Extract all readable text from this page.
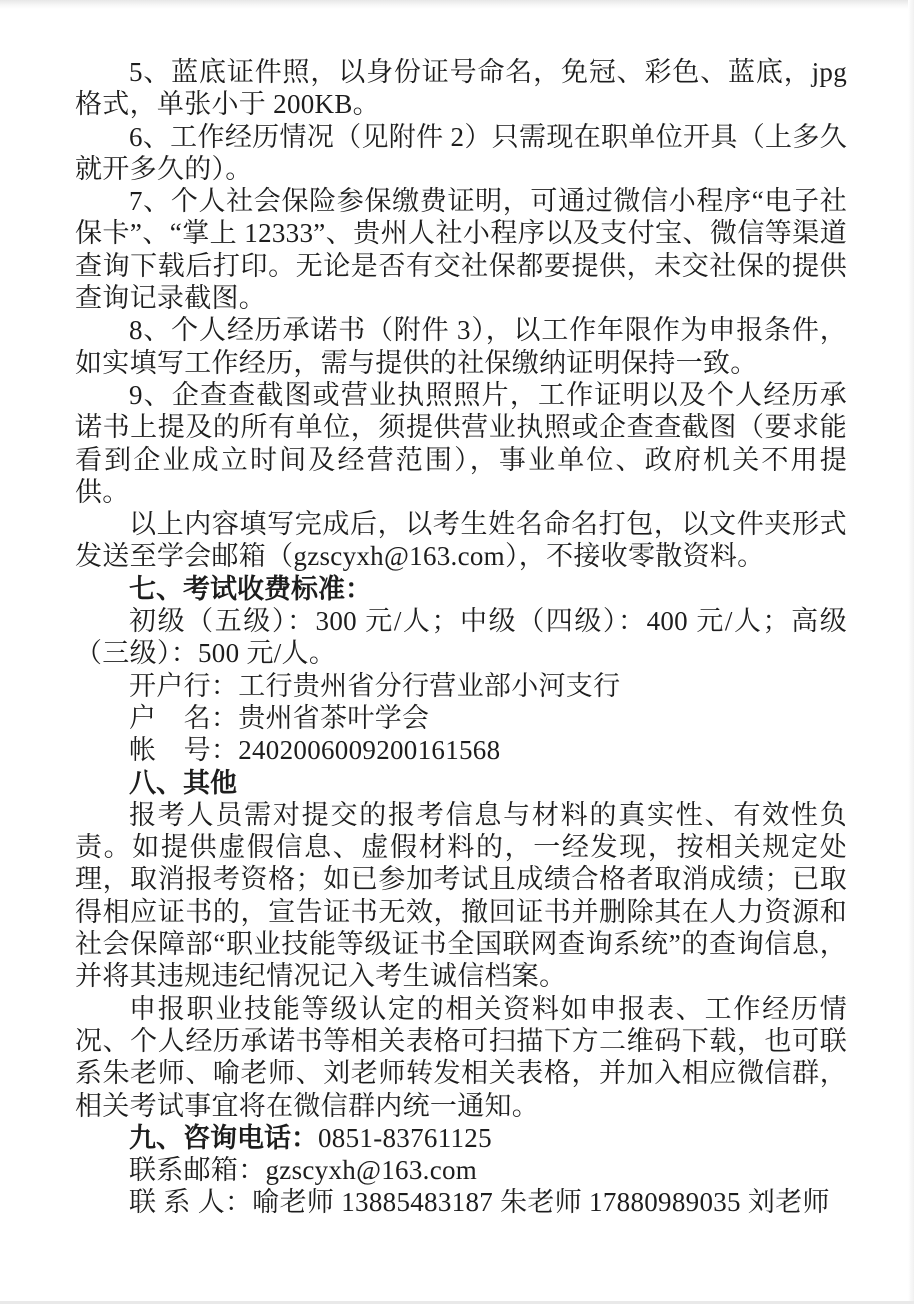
5、蓝底证件照，以身份证号命名，免冠、彩色、蓝底，jpg 格式，单张小于 200KB。

6、工作经历情况（见附件 2）只需现在职单位开具（上多久就开多久的）。

7、个人社会保险参保缴费证明，可通过微信小程序“电子社保卡”、“掌上 12333”、贵州人社小程序以及支付宝、微信等渠道查询下载后打印。无论是否有交社保都要提供，未交社保的提供查询记录截图。

8、个人经历承诺书（附件 3），以工作年限作为申报条件，如实填写工作经历，需与提供的社保缴纳证明保持一致。

9、企查查截图或营业执照照片，工作证明以及个人经历承诺书上提及的所有单位，须提供营业执照或企查查截图（要求能看到企业成立时间及经营范围），事业单位、政府机关不用提供。

以上内容填写完成后，以考生姓名命名打包，以文件夹形式发送至学会邮箱（gzscyxh@163.com），不接收零散资料。

七、考试收费标准：

初级（五级）：300 元/人；中级（四级）：400 元/人；高级（三级）：500 元/人。

开户行：工行贵州省分行营业部小河支行

户　名：贵州省茶叶学会

帐　号：2402006009200161568

八、其他

报考人员需对提交的报考信息与材料的真实性、有效性负责。如提供虚假信息、虚假材料的，一经发现，按相关规定处理，取消报考资格；如已参加考试且成绩合格者取消成绩；已取得相应证书的，宣告证书无效，撤回证书并删除其在人力资源和社会保障部“职业技能等级证书全国联网查询系统”的查询信息，并将其违规违纪情况记入考生诚信档案。

申报职业技能等级认定的相关资料如申报表、工作经历情况、个人经历承诺书等相关表格可扫描下方二维码下载，也可联系朱老师、喻老师、刘老师转发相关表格，并加入相应微信群，相关考试事宜将在微信群内统一通知。

九、咨询电话：0851-83761125

联系邮箱：gzscyxh@163.com

联 系 人：喻老师 13885483187 朱老师 17880989035 刘老师
